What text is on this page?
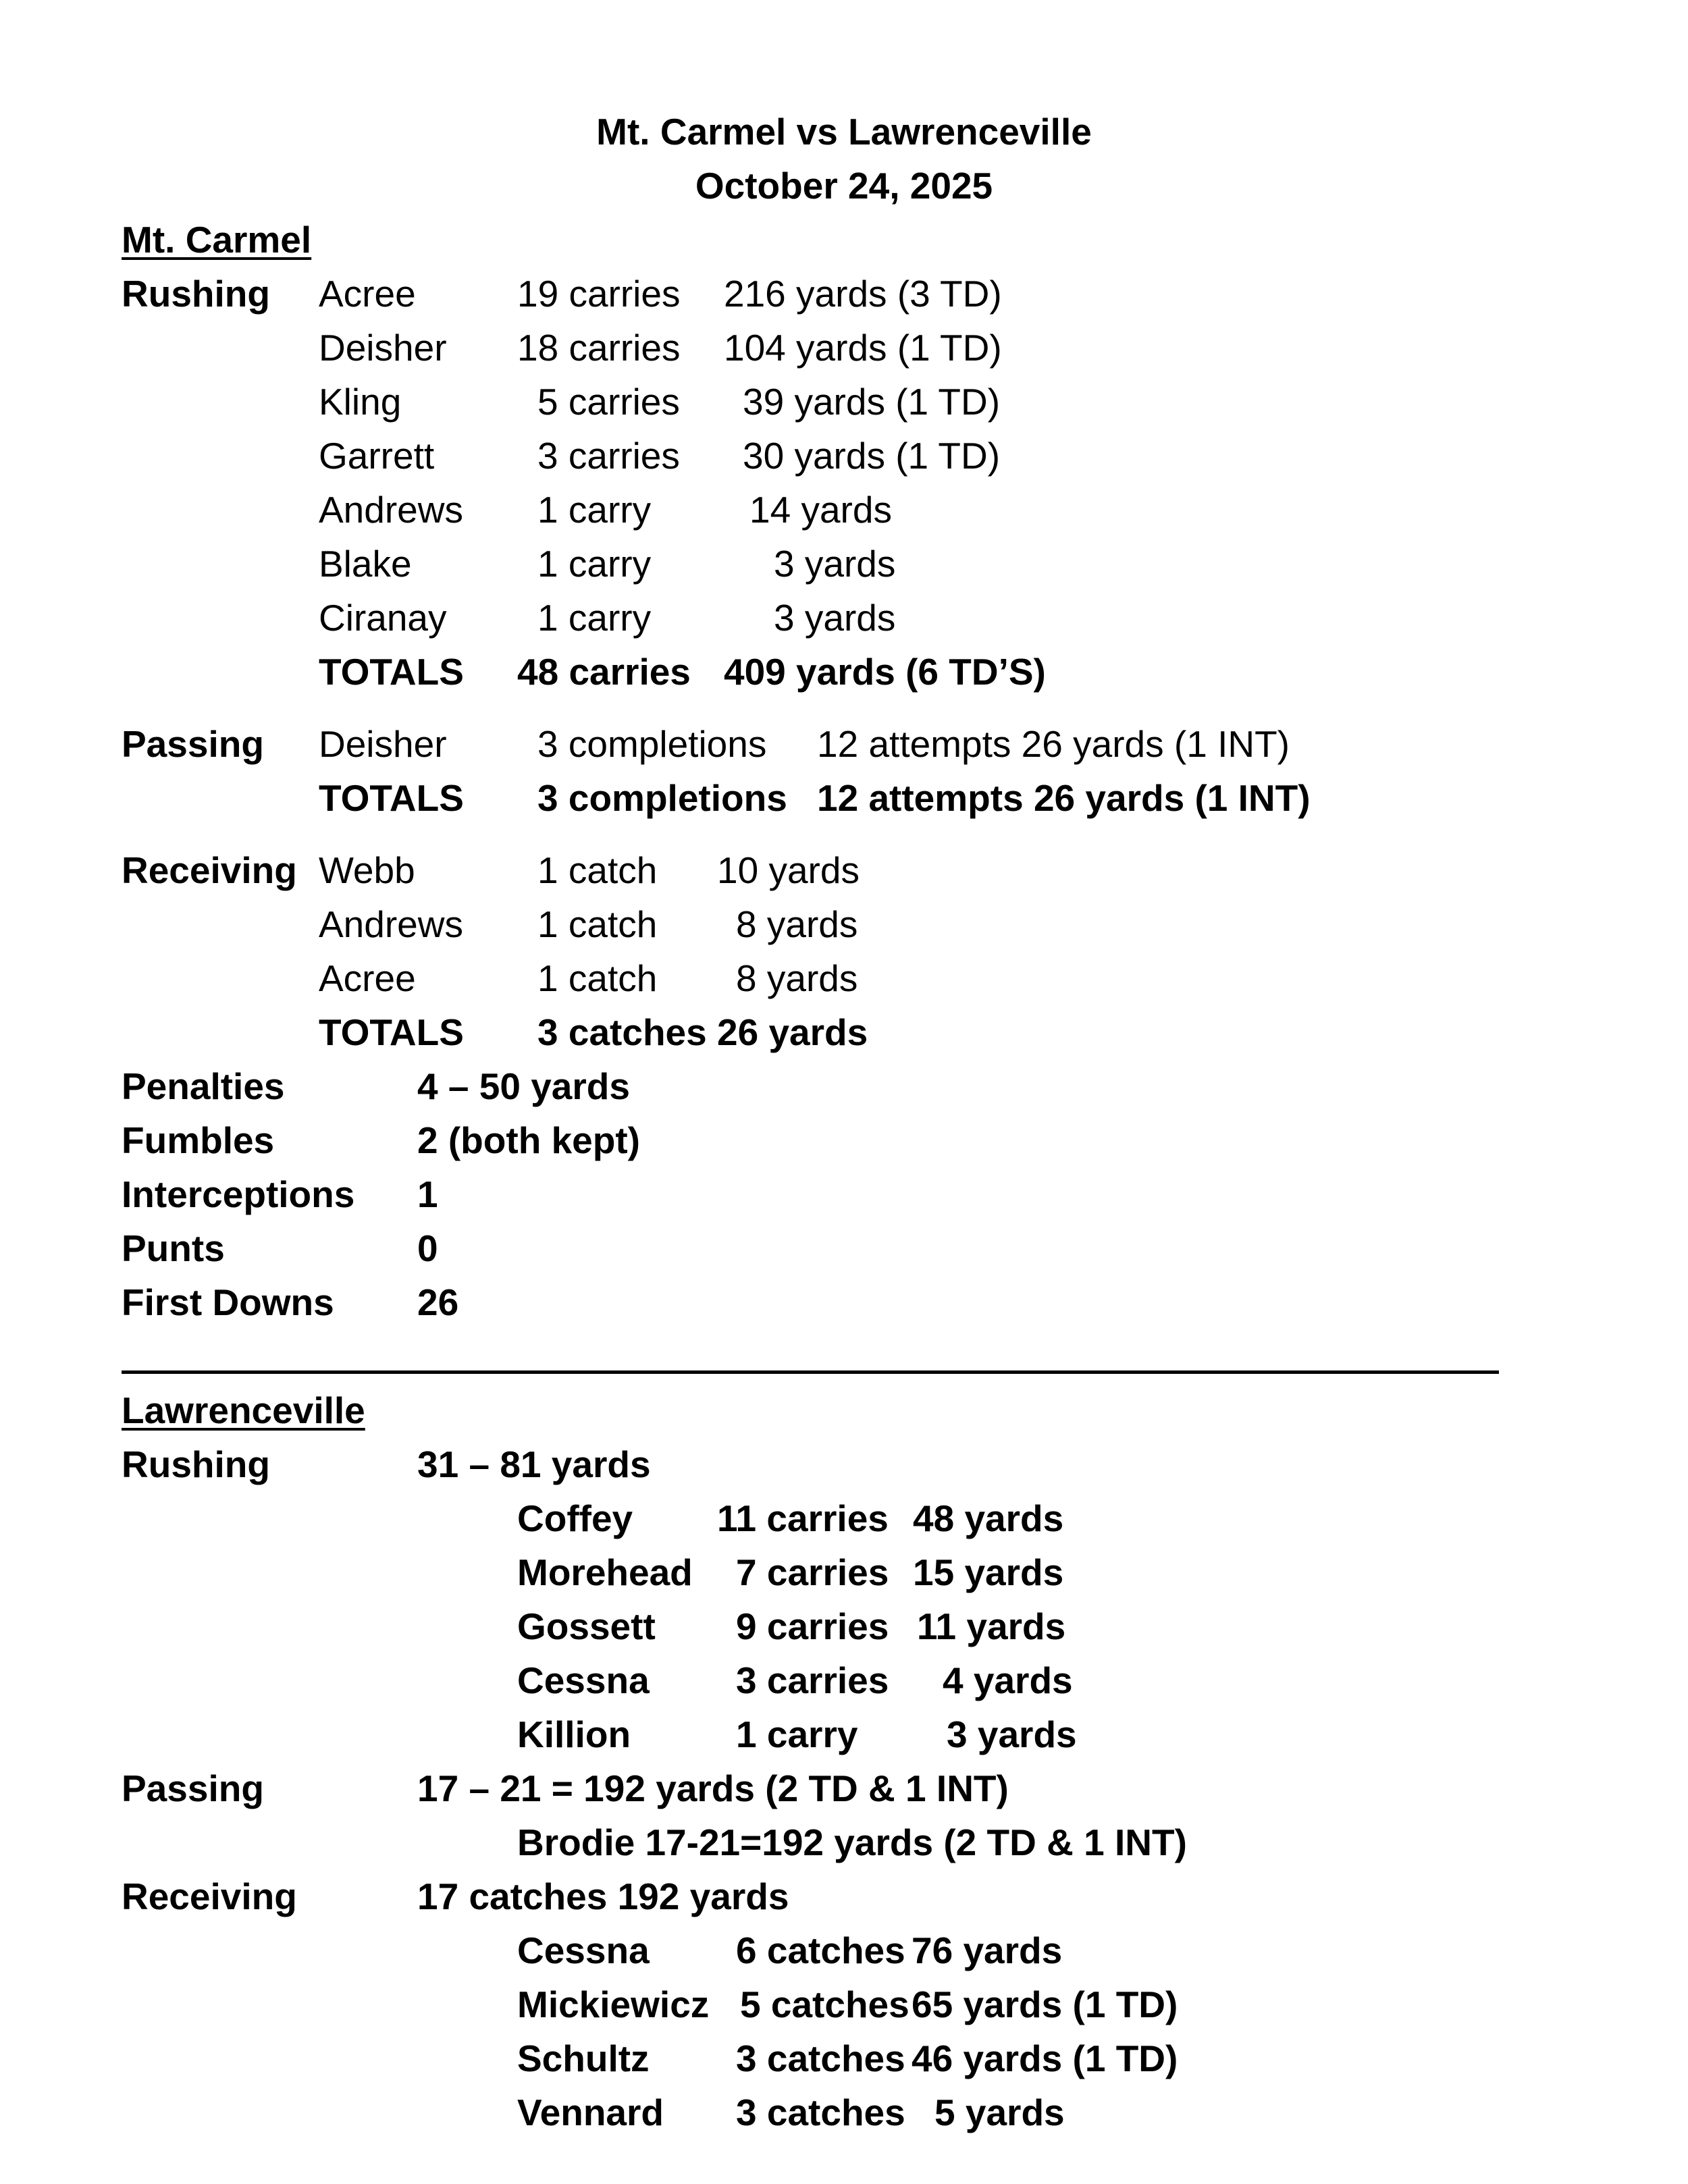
Mt. Carmel vs Lawrenceville
October 24, 2025
Mt. Carmel
Rushing Acree	19 carries 216 yards (3 TD)
Deisher 18 carries 104 yards (1 TD)
Kling	5 carries 39 yards (1 TD)
Garrett	3 carries 30 yards (1 TD)
Andrews 1 carry	14 yards
Blake	1 carry	3 yards
Ciranay 1 carry	3 yards
TOTALS 48 carries 409 yards (6 TD’S)
Passing Deisher 3 completions 12 attempts 26 yards (1 INT)
TOTALS 3 completions 12 attempts 26 yards (1 INT)
Receiving Webb	1 catch 10 yards
Andrews 1 catch 8 yards
Acree	1 catch 8 yards
TOTALS 3 catches 26 yards
Penalties	4 – 50 yards
Fumbles	2 (both kept)
Interceptions 1
Punts	0
First Downs 26
Lawrenceville
Rushing	31 – 81 yards
Coffey 11 carries 48 yards
Morehead 7 carries 15 yards
Gossett 9 carries 11 yards
Cessna 3 carries 4 yards
Killion	1 carry 3 yards
Passing	17 – 21 = 192 yards (2 TD & 1 INT)
Brodie 17-21=192 yards (2 TD & 1 INT)
Receiving	17 catches 192 yards
Cessna 6 catches 76 yards
Mickiewicz 5 catches 65 yards (1 TD)
Schultz 3 catches 46 yards (1 TD)
Vennard 3 catches 5 yards
